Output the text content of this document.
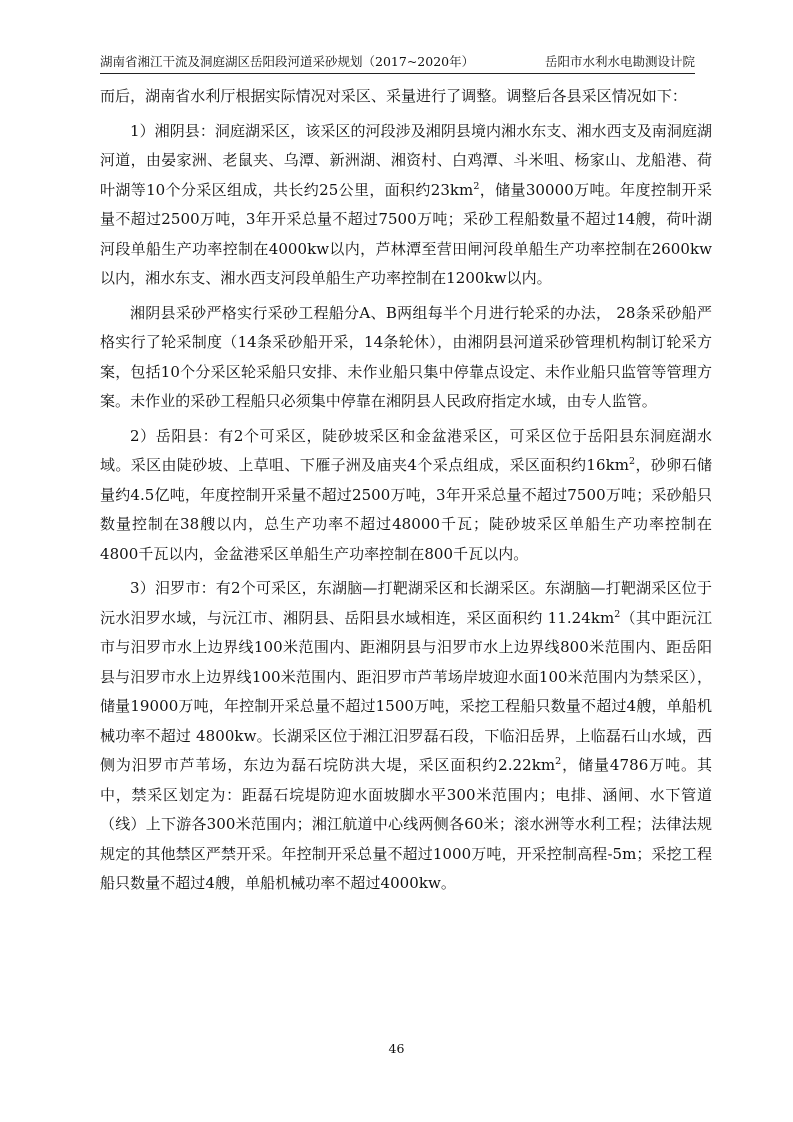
湖南省湘江干流及洞庭湖区岳阳段河道采砂规划（2017~2020年）	岳阳市水利水电勘测设计院

而后，湖南省水利厅根据实际情况对采区、采量进行了调整。调整后各县采区情况如下：

1）湘阴县：洞庭湖采区，该采区的河段涉及湘阴县境内湘水东支、湘水西支及南洞庭湖河道，由晏家洲、老鼠夹、乌潭、新洲湖、湘资村、白鸡潭、斗米咀、杨家山、龙船港、荷叶湖等10个分采区组成，共长约25公里，面积约$23km^2$，储量30000万吨。年度控制开采量不超过2500万吨，3年开采总量不超过7500万吨；采砂工程船数量不超过14艘，荷叶湖河段单船生产功率控制在4000kw以内，芦林潭至营田闸河段单船生产功率控制在2600kw以内，湘水东支、湘水西支河段单船生产功率控制在1200kw以内。

湘阴县采砂严格实行采砂工程船分A、B两组每半个月进行轮采的办法， 28条采砂船严格实行了轮采制度（14条采砂船开采，14条轮休），由湘阴县河道采砂管理机构制订轮采方案，包括10个分采区轮采船只安排、未作业船只集中停靠点设定、未作业船只监管等管理方案。未作业的采砂工程船只必须集中停靠在湘阴县人民政府指定水域，由专人监管。

2）岳阳县：有2个可采区，陡砂坡采区和金盆港采区，可采区位于岳阳县东洞庭湖水域。采区由陡砂坡、上草咀、下雁子洲及庙夹4个采点组成，采区面积约$16km^2$，砂卵石储量约4.5亿吨，年度控制开采量不超过2500万吨，3年开采总量不超过7500万吨；采砂船只数量控制在38艘以内，总生产功率不超过48000千瓦；陡砂坡采区单船生产功率控制在4800千瓦以内，金盆港采区单船生产功率控制在800千瓦以内。

3）汨罗市：有2个可采区，东湖脑—打靶湖采区和长湖采区。东湖脑—打靶湖采区位于沅水汨罗水域，与沅江市、湘阴县、岳阳县水域相连，采区面积约 $11.24km^2$（其中距沅江市与汨罗市水上边界线100米范围内、距湘阴县与汨罗市水上边界线800米范围内、距岳阳县与汨罗市水上边界线100米范围内、距汨罗市芦苇场岸坡迎水面100米范围内为禁采区），储量19000万吨，年控制开采总量不超过1500万吨，采挖工程船只数量不超过4艘，单船机械功率不超过 4800kw。长湖采区位于湘江汨罗磊石段，下临汨岳界，上临磊石山水域，西侧为汨罗市芦苇场，东边为磊石垸防洪大堤，采区面积约$2.22km^2$，储量4786万吨。其中，禁采区划定为：距磊石垸堤防迎水面坡脚水平300米范围内；电排、涵闸、水下管道（线）上下游各300米范围内；湘江航道中心线两侧各60米；滚水洲等水利工程；法律法规规定的其他禁区严禁开采。年控制开采总量不超过1000万吨，开采控制高程-5m；采挖工程船只数量不超过4艘，单船机械功率不超过4000kw。

46
